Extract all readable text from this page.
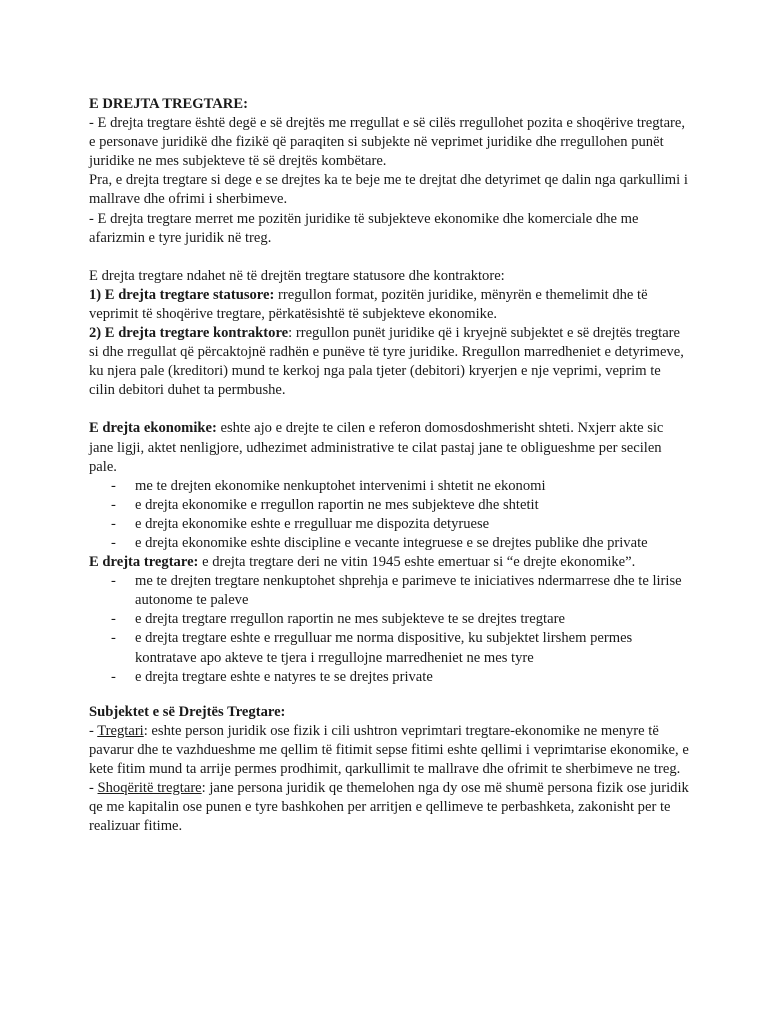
E DREJTA TREGTARE:

- E drejta tregtare është degë e së drejtës me rregullat e së cilës rregullohet pozita e shoqërive tregtare, e personave juridikë dhe fizikë që paraqiten si subjekte në veprimet juridike dhe rregullohen punët juridike ne mes subjekteve të së drejtës kombëtare.

Pra, e drejta tregtare si dege e se drejtes ka te beje me te drejtat dhe detyrimet qe dalin nga qarkullimi i mallrave dhe ofrimi i sherbimeve.

- E drejta tregtare merret me pozitën juridike të subjekteve ekonomike dhe komerciale dhe me afarizmin e tyre juridik në treg.

E drejta tregtare ndahet në të drejtën tregtare statusore dhe kontraktore:

1) E drejta tregtare statusore: rregullon format, pozitën juridike, mënyrën e themelimit dhe të veprimit të shoqërive tregtare, përkatësishtë të subjekteve ekonomike.

2) E drejta tregtare kontraktore: rregullon punët juridike që i kryejnë subjektet e së drejtës tregtare si dhe rregullat që përcaktojnë radhën e punëve të tyre juridike. Rregullon marredheniet e detyrimeve, ku njera pale (kreditori) mund te kerkoj nga pala tjeter (debitori) kryerjen e nje veprimi, veprim te cilin debitori duhet ta permbushe.

E drejta ekonomike: eshte ajo e drejte te cilen e referon domosdoshmerisht shteti. Nxjerr akte sic jane ligji, aktet nenligjore, udhezimet administrative te cilat pastaj jane te obligueshme per secilen pale.

- me te drejten ekonomike nenkuptohet intervenimi i shtetit ne ekonomi
- e drejta ekonomike e rregullon raportin ne mes subjekteve dhe shtetit
- e drejta ekonomike eshte e rregulluar me dispozita detyruese
- e drejta ekonomike eshte discipline e vecante integruese e se drejtes publike dhe private

E drejta tregtare: e drejta tregtare deri ne vitin 1945 eshte emertuar si “e drejte ekonomike”.

- me te drejten tregtare nenkuptohet shprehja e parimeve te iniciatives ndermarrese dhe te lirise autonome te paleve
- e drejta tregtare rregullon raportin ne mes subjekteve te se drejtes tregtare
- e drejta tregtare eshte e rregulluar me norma dispositive, ku subjektet lirshem permes kontratave apo akteve te tjera i rregullojne marredheniet ne mes tyre
- e drejta tregtare eshte e natyres te se drejtes private

Subjektet e së Drejtës Tregtare:

- Tregtari: eshte person juridik ose fizik i cili ushtron veprimtari tregtare-ekonomike ne menyre të pavarur dhe te vazhdueshme me qellim të fitimit sepse fitimi eshte qellimi i veprimtarise ekonomike, e kete fitim mund ta arrije permes prodhimit, qarkullimit te mallrave dhe ofrimit te sherbimeve ne treg.

- Shoqëritë tregtare: jane persona juridik qe themelohen nga dy ose më shumë persona fizik ose juridik qe me kapitalin ose punen e tyre bashkohen per arritjen e qellimeve te perbashketa, zakonisht per te realizuar fitime.
